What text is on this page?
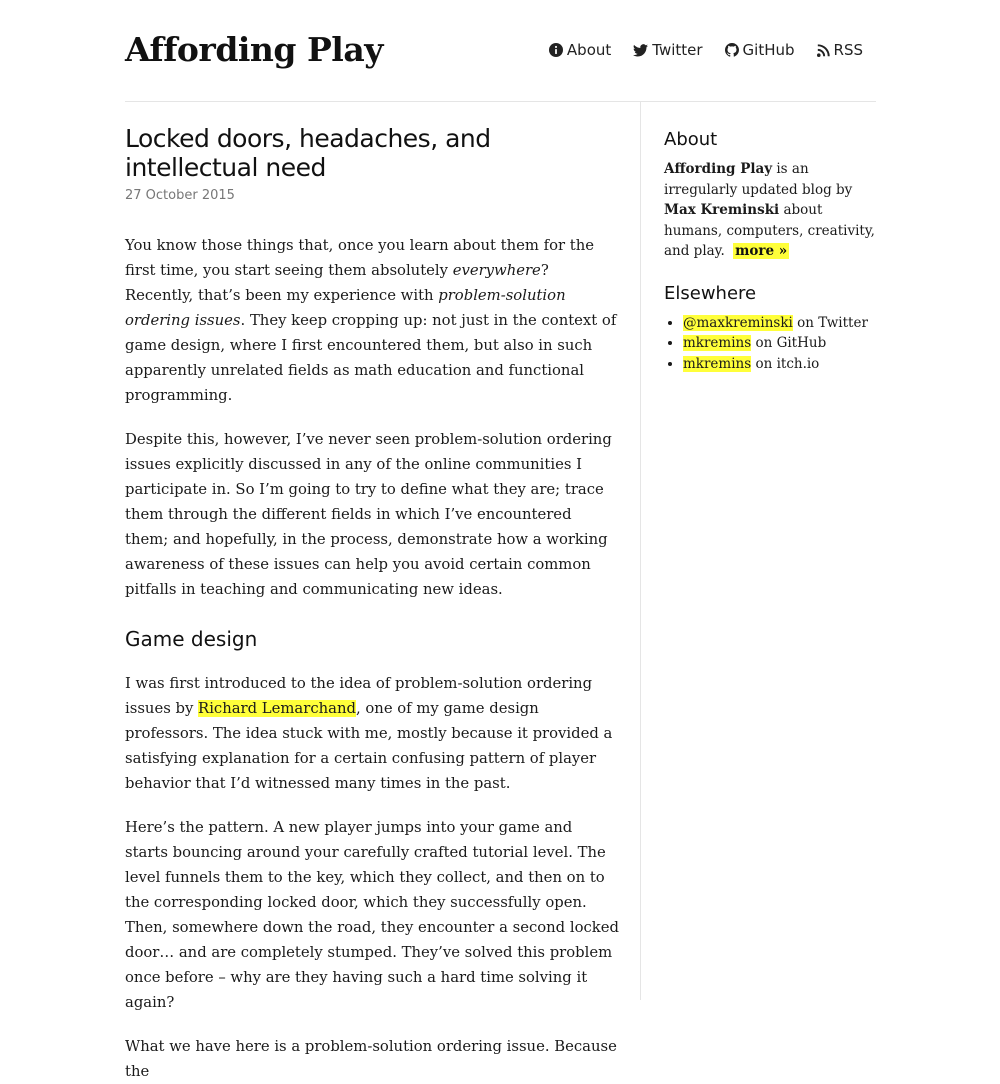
Affording Play	About	Twitter	GitHub	RSS
Locked doors, headaches, and intellectual need
27 October 2015

You know those things that, once you learn about them for the first time, you start seeing them absolutely everywhere? Recently, that’s been my experience with problem-solution ordering issues. They keep cropping up: not just in the context of game design, where I first encountered them, but also in such apparently unrelated fields as math education and functional programming.

Despite this, however, I’ve never seen problem-solution ordering issues explicitly discussed in any of the online communities I participate in. So I’m going to try to define what they are; trace them through the different fields in which I’ve encountered them; and hopefully, in the process, demonstrate how a working awareness of these issues can help you avoid certain common pitfalls in teaching and communicating new ideas.

Game design

I was first introduced to the idea of problem-solution ordering issues by Richard Lemarchand, one of my game design professors. The idea stuck with me, mostly because it provided a satisfying explanation for a certain confusing pattern of player behavior that I’d witnessed many times in the past.

Here’s the pattern. A new player jumps into your game and starts bouncing around your carefully crafted tutorial level. The level funnels them to the key, which they collect, and then on to the corresponding locked door, which they successfully open. Then, somewhere down the road, they encounter a second locked door… and are completely stumped. They’ve solved this problem once before – why are they having such a hard time solving it again?

What we have here is a problem-solution ordering issue. Because the

About

Affording Play is an irregularly updated blog by Max Kreminski about humans, computers, creativity, and play. more »

Elsewhere
• @maxkreminski on Twitter
• mkremins on GitHub
• mkremins on itch.io
